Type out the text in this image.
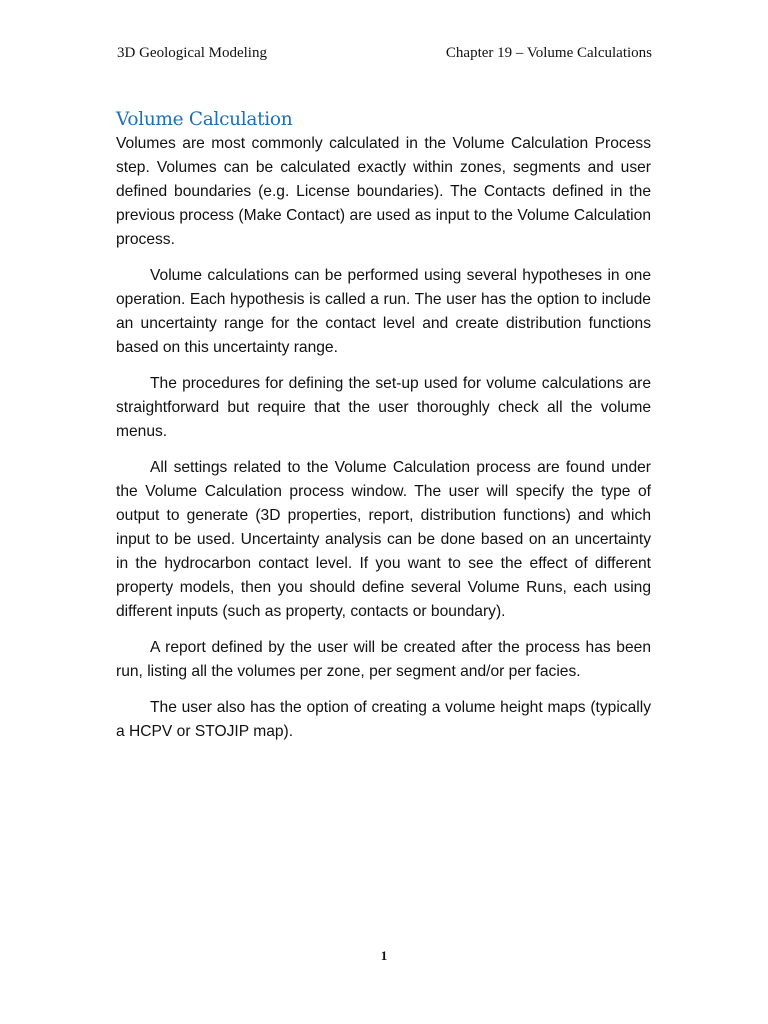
3D Geological Modeling	Chapter 19 – Volume Calculations
Volume Calculation

Volumes are most commonly calculated in the Volume Calculation Process step. Volumes can be calculated exactly within zones, segments and user defined boundaries (e.g. License boundaries). The Contacts defined in the previous process (Make Contact) are used as input to the Volume Calculation process.

Volume calculations can be performed using several hypotheses in one operation. Each hypothesis is called a run. The user has the option to include an uncertainty range for the contact level and create distribution functions based on this uncertainty range.

The procedures for defining the set-up used for volume calculations are straightforward but require that the user thoroughly check all the volume menus.

All settings related to the Volume Calculation process are found under the Volume Calculation process window. The user will specify the type of output to generate (3D properties, report, distribution functions) and which input to be used. Uncertainty analysis can be done based on an uncertainty in the hydrocarbon contact level. If you want to see the effect of different property models, then you should define several Volume Runs, each using different inputs (such as property, contacts or boundary).

A report defined by the user will be created after the process has been run, listing all the volumes per zone, per segment and/or per facies.

The user also has the option of creating a volume height maps (typically a HCPV or STOJIP map).

1
